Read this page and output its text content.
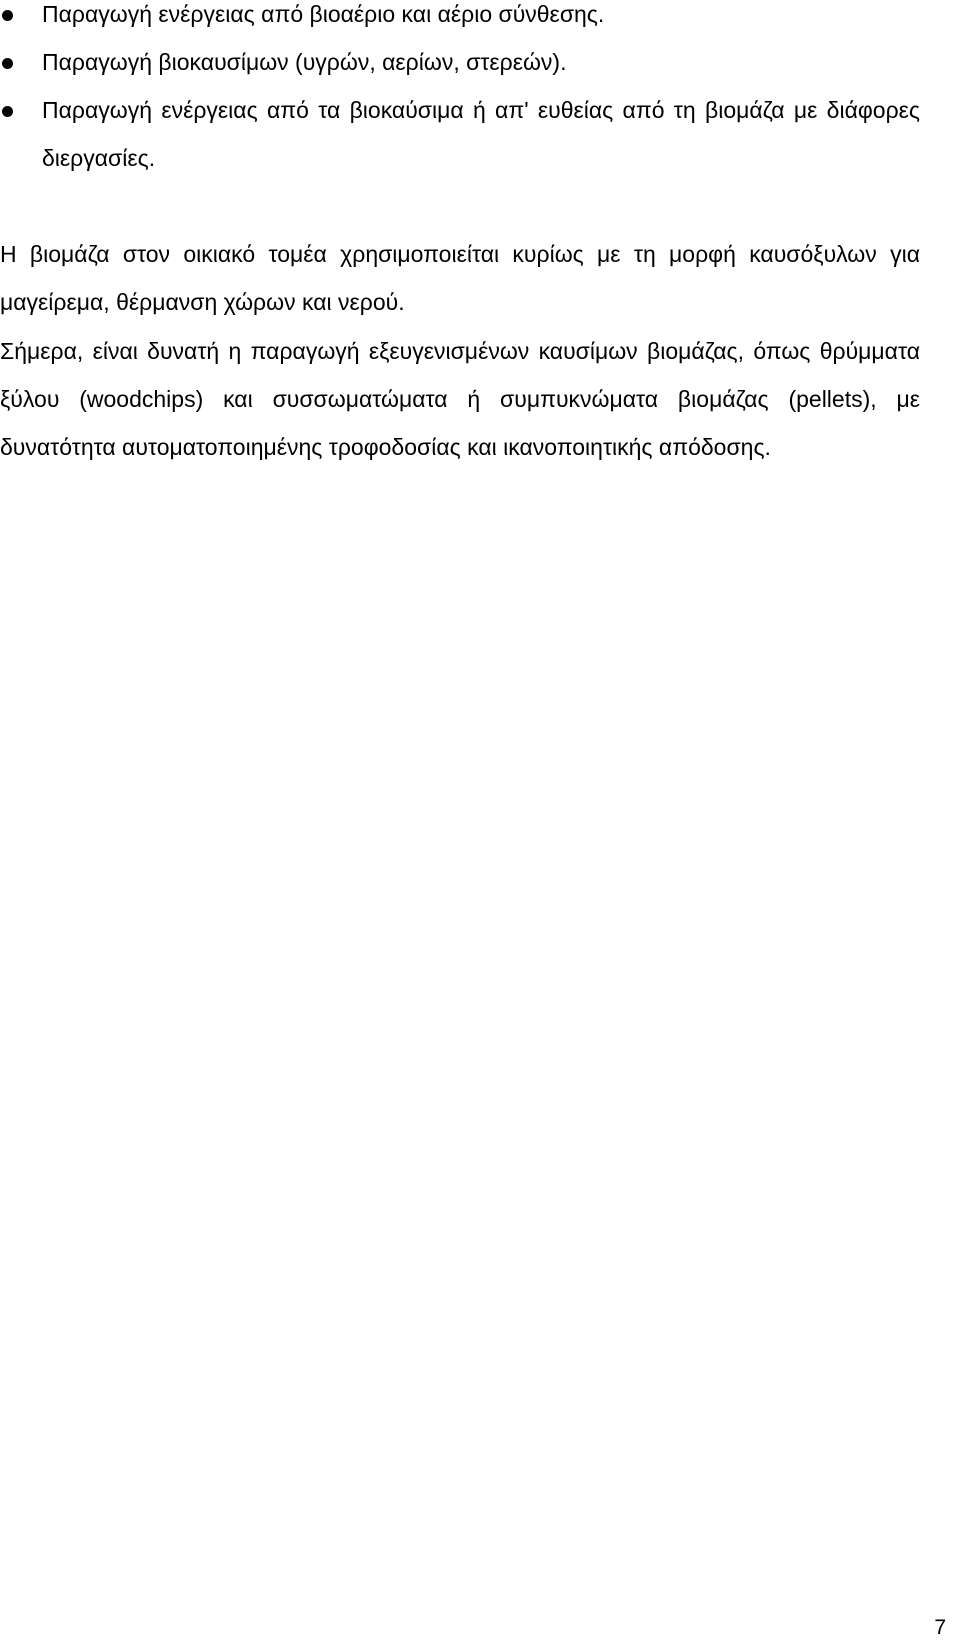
Παραγωγή ενέργειας από βιοαέριο και αέριο σύνθεσης.
Παραγωγή βιοκαυσίμων (υγρών, αερίων, στερεών).
Παραγωγή ενέργειας από τα βιοκαύσιμα ή απ' ευθείας από τη βιομάζα με διάφορες διεργασίες.

Η βιομάζα στον οικιακό τομέα χρησιμοποιείται κυρίως με τη μορφή καυσόξυλων για μαγείρεμα, θέρμανση χώρων και νερού.

Σήμερα, είναι δυνατή η παραγωγή εξευγενισμένων καυσίμων βιομάζας, όπως θρύμματα ξύλου (woodchips) και συσσωματώματα ή συμπυκνώματα βιομάζας (pellets), με δυνατότητα αυτοματοποιημένης τροφοδοσίας και ικανοποιητικής απόδοσης.

7
